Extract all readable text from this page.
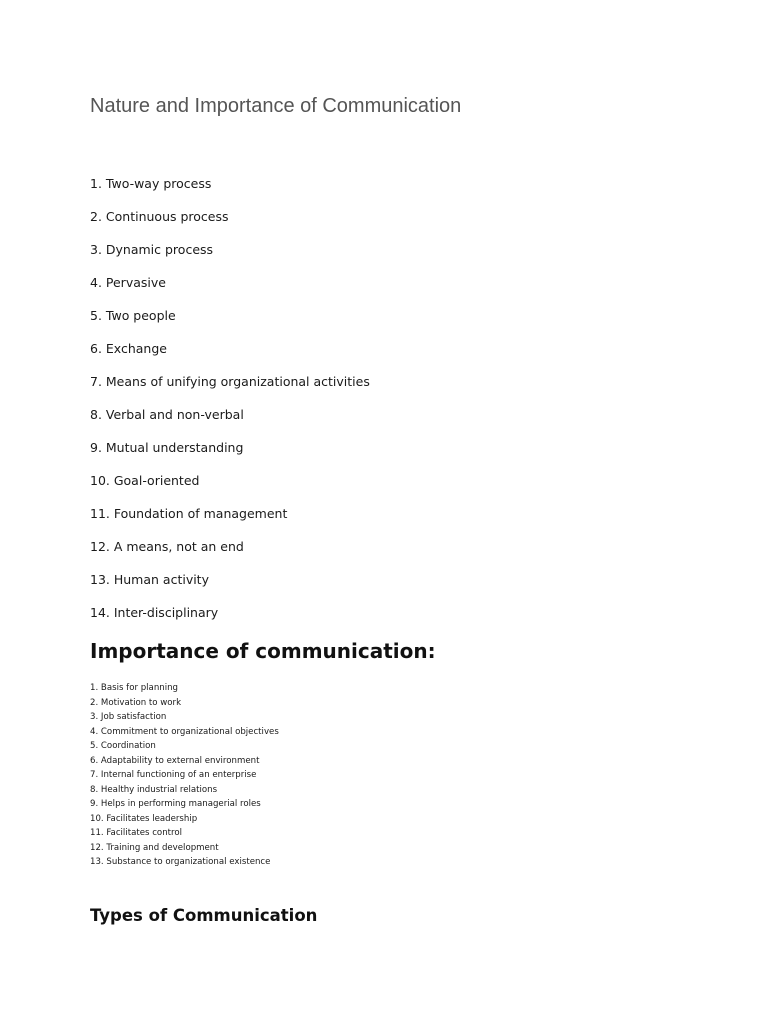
Nature and Importance of Communication
1. Two-way process
2. Continuous process
3. Dynamic process
4. Pervasive
5. Two people
6. Exchange
7. Means of unifying organizational activities
8. Verbal and non-verbal
9. Mutual understanding
10. Goal-oriented
11. Foundation of management
12. A means, not an end
13. Human activity
14. Inter-disciplinary
Importance of communication:
1. Basis for planning
2. Motivation to work
3. Job satisfaction
4. Commitment to organizational objectives
5. Coordination
6. Adaptability to external environment
7. Internal functioning of an enterprise
8. Healthy industrial relations
9. Helps in performing managerial roles
10. Facilitates leadership
11. Facilitates control
12. Training and development
13. Substance to organizational existence
Types of Communication
